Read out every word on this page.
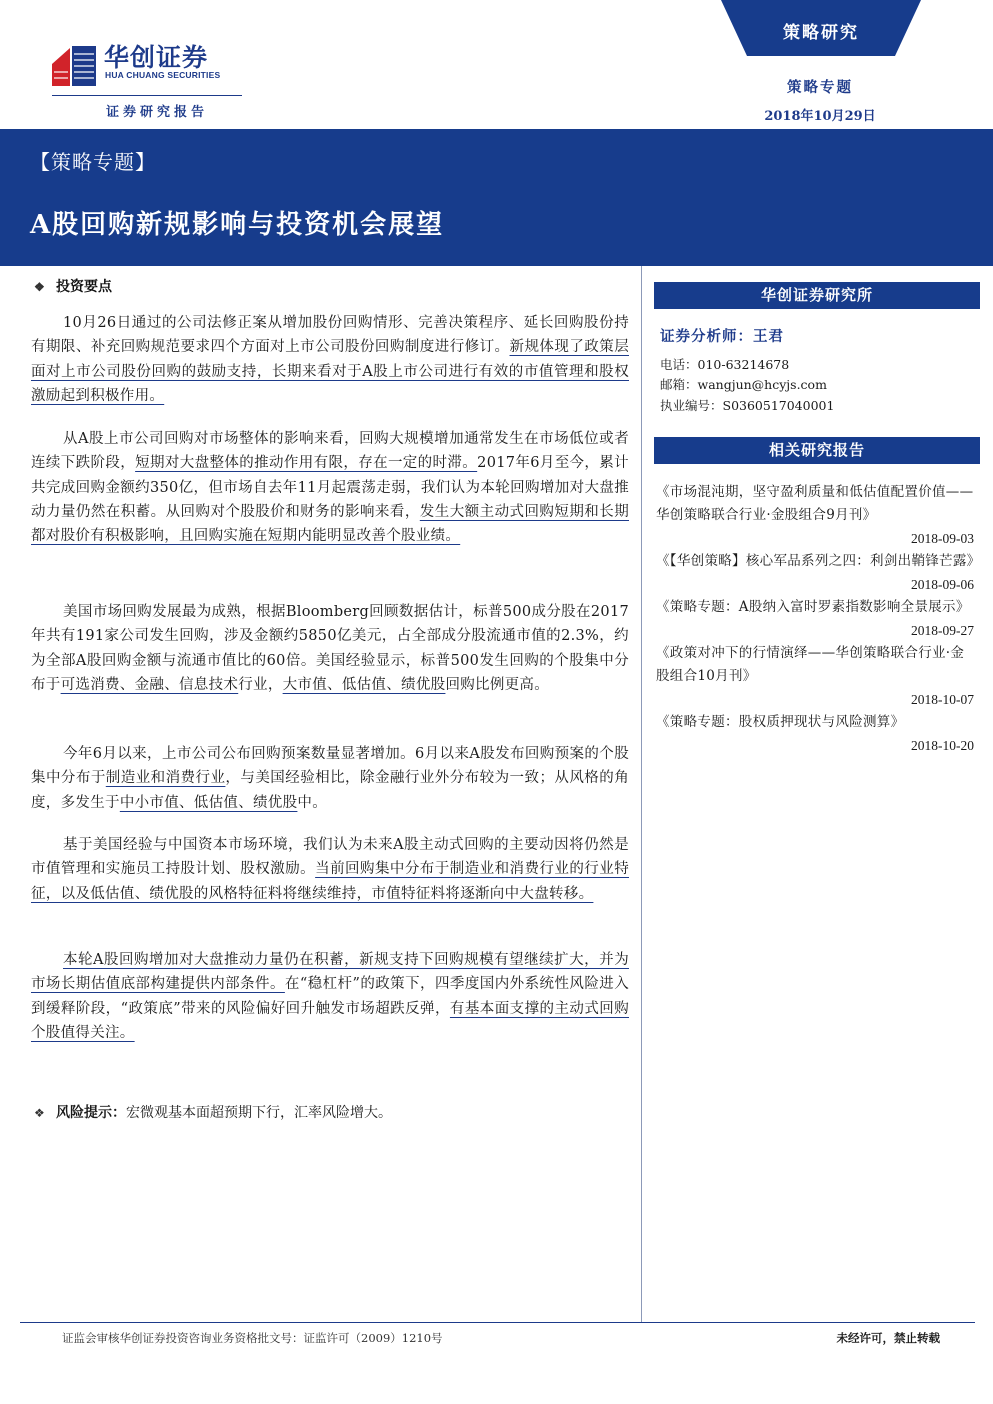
华创证券
HUA CHUANG SECURITIES
证券研究报告
策略研究
策略专题
2018年10月29日
【策略专题】
A股回购新规影响与投资机会展望
❖ 投资要点
10月26日通过的公司法修正案从增加股份回购情形、完善决策程序、延长回购股份持有期限、补充回购规范要求四个方面对上市公司股份回购制度进行修订。新规体现了政策层面对上市公司股份回购的鼓励支持，长期来看对于A股上市公司进行有效的市值管理和股权激励起到积极作用。
从A股上市公司回购对市场整体的影响来看，回购大规模增加通常发生在市场低位或者连续下跌阶段，短期对大盘整体的推动作用有限，存在一定的时滞。2017年6月至今，累计共完成回购金额约350亿，但市场自去年11月起震荡走弱，我们认为本轮回购增加对大盘推动力量仍然在积蓄。从回购对个股股价和财务的影响来看，发生大额主动式回购短期和长期都对股价有积极影响，且回购实施在短期内能明显改善个股业绩。
美国市场回购发展最为成熟，根据Bloomberg回顾数据估计，标普500成分股在2017年共有191家公司发生回购，涉及金额约5850亿美元，占全部成分股流通市值的2.3%，约为全部A股回购金额与流通市值比的60倍。美国经验显示，标普500发生回购的个股集中分布于可选消费、金融、信息技术行业，大市值、低估值、绩优股回购比例更高。
今年6月以来，上市公司公布回购预案数量显著增加。6月以来A股发布回购预案的个股集中分布于制造业和消费行业，与美国经验相比，除金融行业外分布较为一致；从风格的角度，多发生于中小市值、低估值、绩优股中。
基于美国经验与中国资本市场环境，我们认为未来A股主动式回购的主要动因将仍然是市值管理和实施员工持股计划、股权激励。当前回购集中分布于制造业和消费行业的行业特征，以及低估值、绩优股的风格特征料将继续维持，市值特征料将逐渐向中大盘转移。
本轮A股回购增加对大盘推动力量仍在积蓄，新规支持下回购规模有望继续扩大，并为市场长期估值底部构建提供内部条件。在“稳杠杆”的政策下，四季度国内外系统性风险进入到缓释阶段，“政策底”带来的风险偏好回升触发市场超跌反弹，有基本面支撑的主动式回购个股值得关注。
❖ 风险提示：宏微观基本面超预期下行，汇率风险增大。
华创证券研究所
证券分析师：王君
电话：010-63214678
邮箱：wangjun@hcyjs.com
执业编号：S0360517040001
相关研究报告
《市场混沌期，坚守盈利质量和低估值配置价值——华创策略联合行业·金股组合9月刊》
2018-09-03
《【华创策略】核心军品系列之四：利剑出鞘锋芒露》
2018-09-06
《策略专题：A股纳入富时罗素指数影响全景展示》
2018-09-27
《政策对冲下的行情演绎——华创策略联合行业·金股组合10月刊》
2018-10-07
《策略专题：股权质押现状与风险测算》
2018-10-20
证监会审核华创证券投资咨询业务资格批文号：证监许可（2009）1210号	未经许可，禁止转载
